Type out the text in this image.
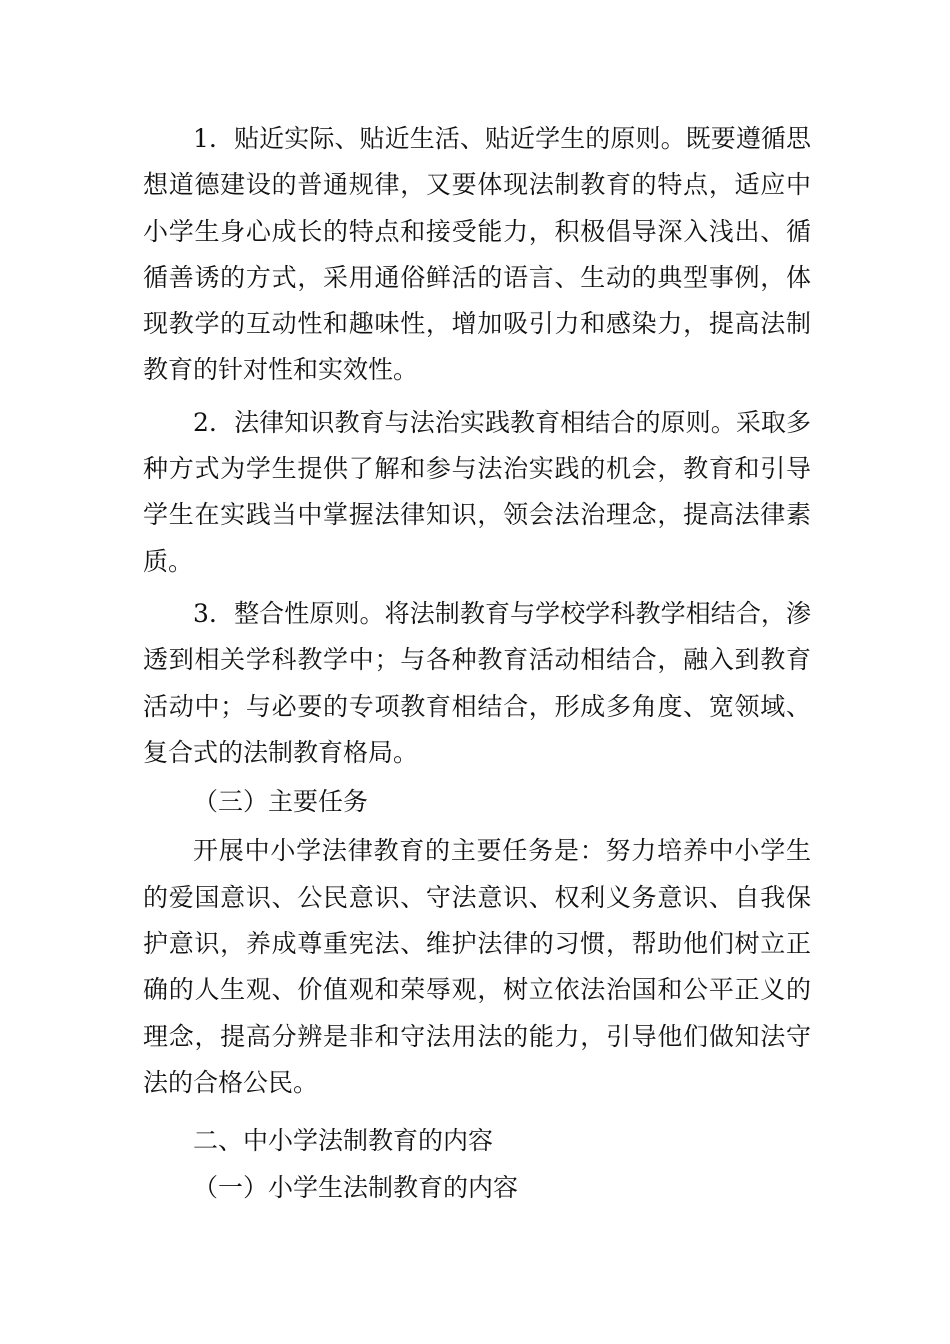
1．贴近实际、贴近生活、贴近学生的原则。既要遵循思想道德建设的普通规律，又要体现法制教育的特点，适应中小学生身心成长的特点和接受能力，积极倡导深入浅出、循循善诱的方式，采用通俗鲜活的语言、生动的典型事例，体现教学的互动性和趣味性，增加吸引力和感染力，提高法制教育的针对性和实效性。

2．法律知识教育与法治实践教育相结合的原则。采取多种方式为学生提供了解和参与法治实践的机会，教育和引导学生在实践当中掌握法律知识，领会法治理念，提高法律素质。

3．整合性原则。将法制教育与学校学科教学相结合，渗透到相关学科教学中；与各种教育活动相结合，融入到教育活动中；与必要的专项教育相结合，形成多角度、宽领域、复合式的法制教育格局。

（三）主要任务

开展中小学法律教育的主要任务是：努力培养中小学生的爱国意识、公民意识、守法意识、权利义务意识、自我保护意识，养成尊重宪法、维护法律的习惯，帮助他们树立正确的人生观、价值观和荣辱观，树立依法治国和公平正义的理念，提高分辨是非和守法用法的能力，引导他们做知法守法的合格公民。

二、中小学法制教育的内容

（一）小学生法制教育的内容
